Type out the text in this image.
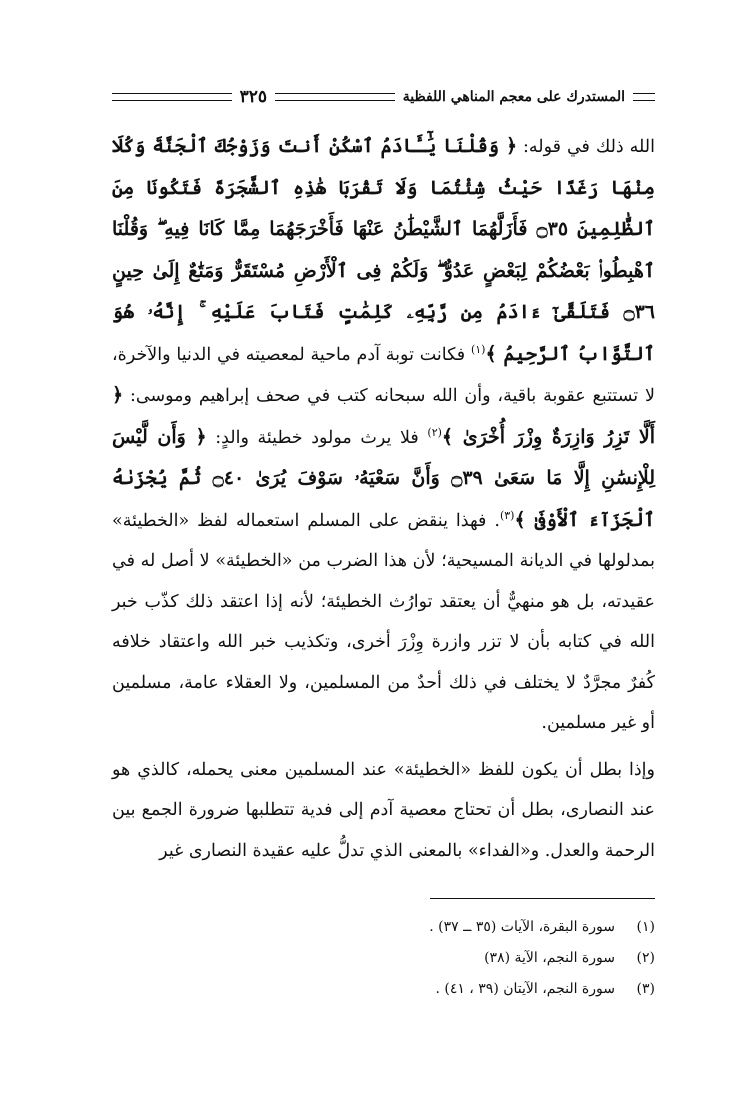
المستدرك على معجم المناهي اللفظية
٣٢٥

الله ذلك في قوله: ﴿ وَقُلْنَا يَٰٓـَٔادَمُ ٱسْكُنْ أَنتَ وَزَوْجُكَ ٱلْجَنَّةَ وَكُلَا مِنْهَا رَغَدًا حَيْثُ شِئْتُمَا وَلَا تَقْرَبَا هَٰذِهِ ٱلشَّجَرَةَ فَتَكُونَا مِنَ ٱلظَّٰلِمِينَ ۝٣٥ فَأَزَلَّهُمَا ٱلشَّيْطَٰنُ عَنْهَا فَأَخْرَجَهُمَا مِمَّا كَانَا فِيهِ ۖ وَقُلْنَا ٱهْبِطُوا۟ بَعْضُكُمْ لِبَعْضٍ عَدُوٌّ ۖ وَلَكُمْ فِى ٱلْأَرْضِ مُسْتَقَرٌّ وَمَتَٰعٌ إِلَىٰ حِينٍ ۝٣٦ فَتَلَقَّىٰٓ ءَادَمُ مِن رَّبِّهِۦ كَلِمَٰتٍ فَتَابَ عَلَيْهِ ۚ إِنَّهُۥ هُوَ ٱلتَّوَّابُ ٱلرَّحِيمُ ﴾$^{(١)}$ فكانت توبة آدم ماحية لمعصيته في الدنيا والآخرة، لا تستتبع عقوبة باقية، وأن الله سبحانه كتب في صحف إبراهيم وموسى: ﴿ أَلَّا تَزِرُ وَازِرَةٌ وِزْرَ أُخْرَىٰ ﴾$^{(٢)}$ فلا يرث مولود خطيئة والدٍ: ﴿ وَأَن لَّيْسَ لِلْإِنسَٰنِ إِلَّا مَا سَعَىٰ ۝٣٩ وَأَنَّ سَعْيَهُۥ سَوْفَ يُرَىٰ ۝٤٠ ثُمَّ يُجْزَىٰهُ ٱلْجَزَآءَ ٱلْأَوْفَىٰ ﴾$^{(٣)}$. فهذا ينقض على المسلم استعماله لفظ «الخطيئة» بمدلولها في الديانة المسيحية؛ لأن هذا الضرب من «الخطيئة» لا أصل له في عقيدته، بل هو منهيٌّ أن يعتقد توارُث الخطيئة؛ لأنه إذا اعتقد ذلك كذّب خبر الله في كتابه بأن لا تزر وازرة وِزْرَ أخرى، وتكذيب خبر الله واعتقاد خلافه كُفرٌ مجرَّدٌ لا يختلف في ذلك أحدٌ من المسلمين، ولا العقلاء عامة، مسلمين أو غير مسلمين.

وإذا بطل أن يكون للفظ «الخطيئة» عند المسلمين معنى يحمله، كالذي هو عند النصارى، بطل أن تحتاج معصية آدم إلى فدية تتطلبها ضرورة الجمع بين الرحمة والعدل. و«الفداء» بالمعنى الذي تدلُّ عليه عقيدة النصارى غير

(١)
سورة البقرة، الآيات (٣٥ ــ ٣٧) .
(٢)
سورة النجم، الآية (٣٨)
(٣)
سورة النجم، الآيتان (٣٩ ، ٤١) .
